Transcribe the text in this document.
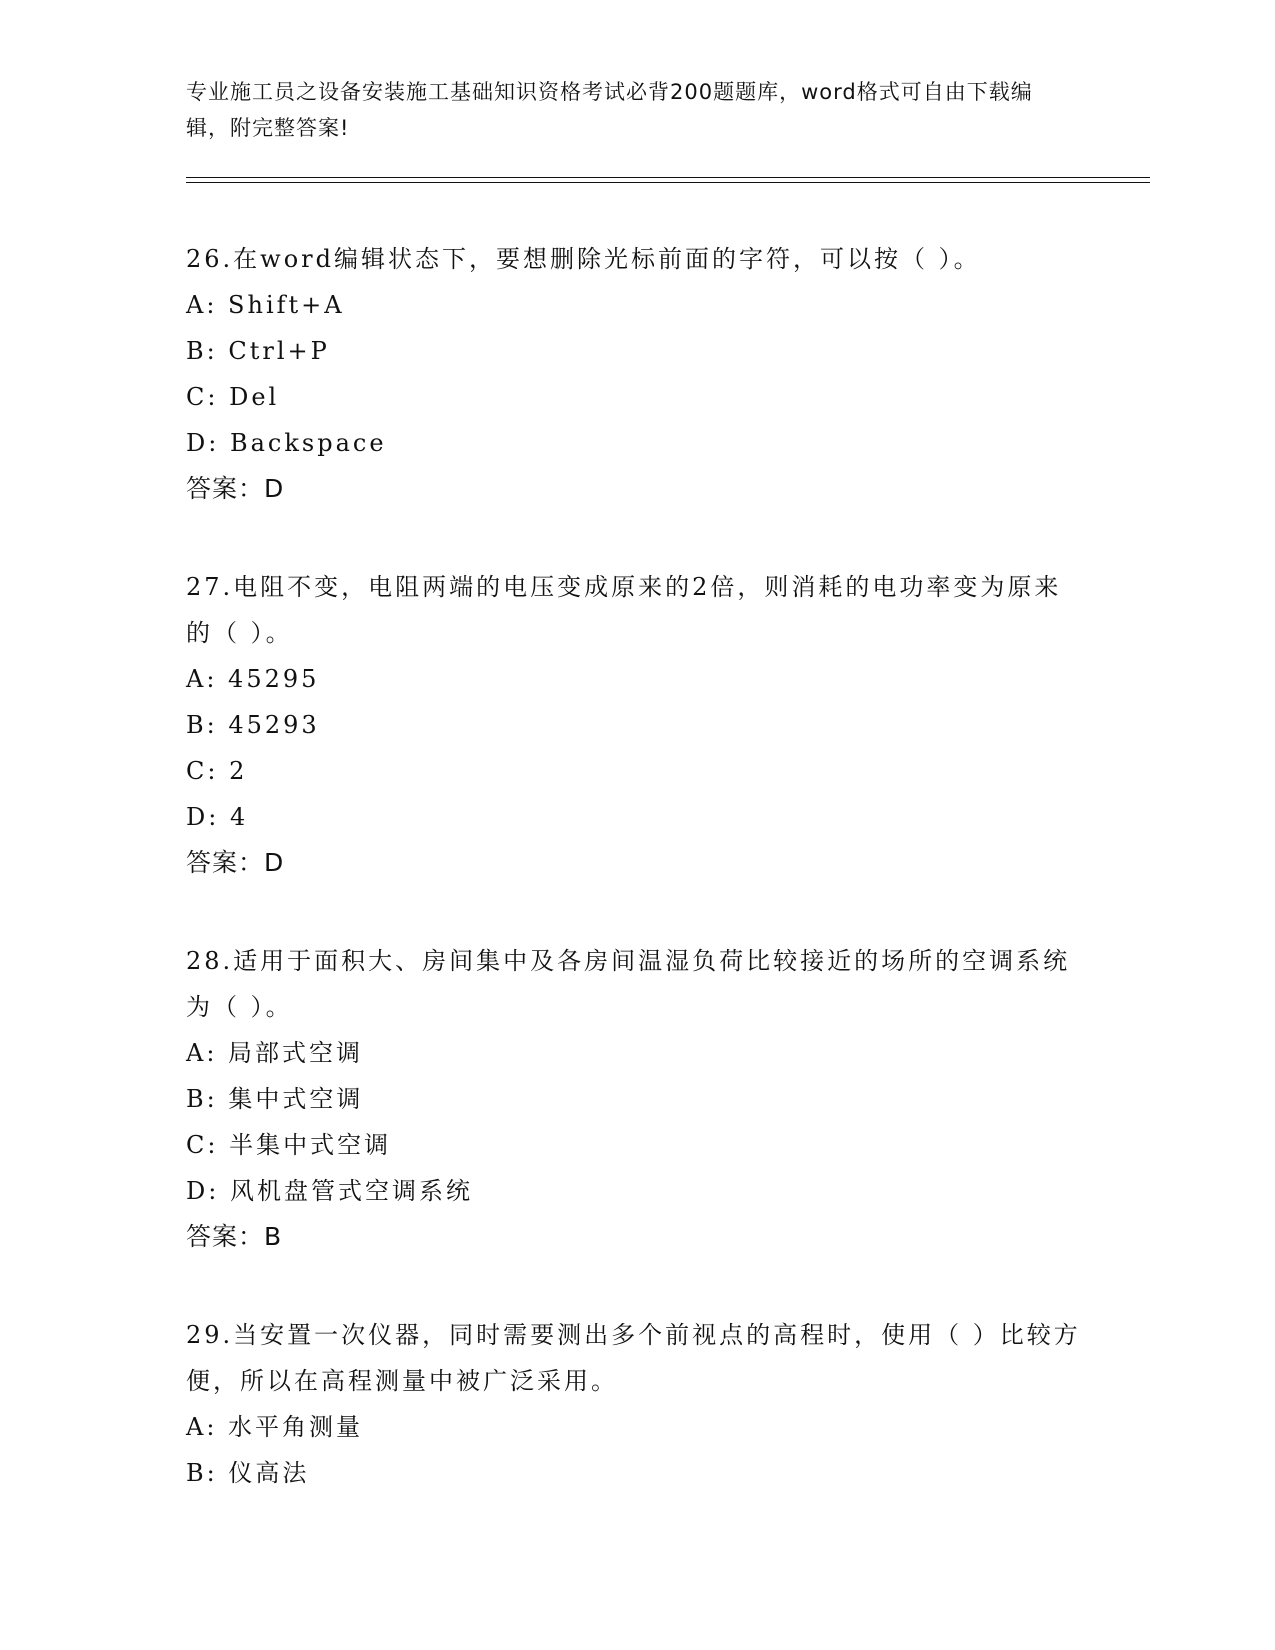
专业施工员之设备安装施工基础知识资格考试必背200题题库，word格式可自由下载编辑，附完整答案!
26.在word编辑状态下，要想删除光标前面的字符，可以按（ ）。
A: Shift+A
B: Ctrl+P
C: Del
D: Backspace
答案：D
27.电阻不变，电阻两端的电压变成原来的2倍，则消耗的电功率变为原来的（ ）。
A: 45295
B: 45293
C: 2
D: 4
答案：D
28.适用于面积大、房间集中及各房间温湿负荷比较接近的场所的空调系统为（ ）。
A: 局部式空调
B: 集中式空调
C: 半集中式空调
D: 风机盘管式空调系统
答案：B
29.当安置一次仪器，同时需要测出多个前视点的高程时，使用（ ）比较方便，所以在高程测量中被广泛采用。
A: 水平角测量
B: 仪高法
